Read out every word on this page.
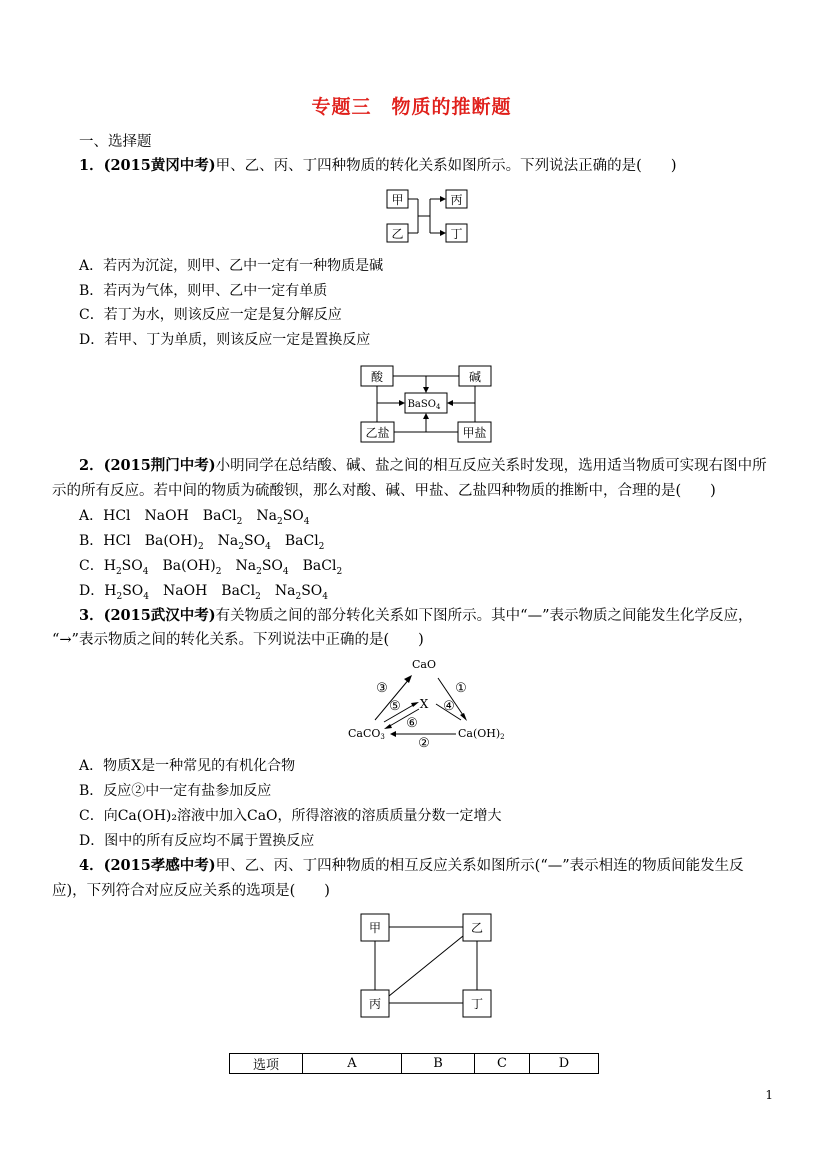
专题三　物质的推断题
一、选择题
1．(2015黄冈中考)甲、乙、丙、丁四种物质的转化关系如图所示。下列说法正确的是(　　)
甲
乙
丙
丁
A．若丙为沉淀，则甲、乙中一定有一种物质是碱
B．若丙为气体，则甲、乙中一定有单质
C．若丁为水，则该反应一定是复分解反应
D．若甲、丁为单质，则该反应一定是置换反应
酸	碱
BaSO$_4$
乙盐	甲盐
2．(2015荆门中考)小明同学在总结酸、碱、盐之间的相互反应关系时发现，选用适当物质可实现右图中所
示的所有反应。若中间的物质为硫酸钡，那么对酸、碱、甲盐、乙盐四种物质的推断中，合理的是(　　)
A．HCl　NaOH　BaCl$_2$　$Na_2SO_4$
B．HCl　$Ba(OH)_2$　$Na_2SO_4$　BaCl$_2$
C．$H_2SO_4$　$Ba(OH)_2$　$Na_2SO_4$　BaCl$_2$
D．$H_2SO_4$　NaOH　BaCl$_2$　$Na_2SO_4$
3．(2015武汉中考)有关物质之间的部分转化关系如下图所示。其中“—”表示物质之间能发生化学反应，
“→”表示物质之间的转化关系。下列说法中正确的是(　　)
CaO
X
CaCO3	Ca(OH)2
③	①
⑤	④
⑥
②
A．物质X是一种常见的有机化合物
B．反应②中一定有盐参加反应
C．向Ca(OH)₂溶液中加入CaO，所得溶液的溶质质量分数一定增大
D．图中的所有反应均不属于置换反应
4．(2015孝感中考)甲、乙、丙、丁四种物质的相互反应关系如图所示(“—”表示相连的物质间能发生反
应)，下列符合对应反应关系的选项是(　　)
甲	乙
丙	丁
选项	A	B	C	D
1
